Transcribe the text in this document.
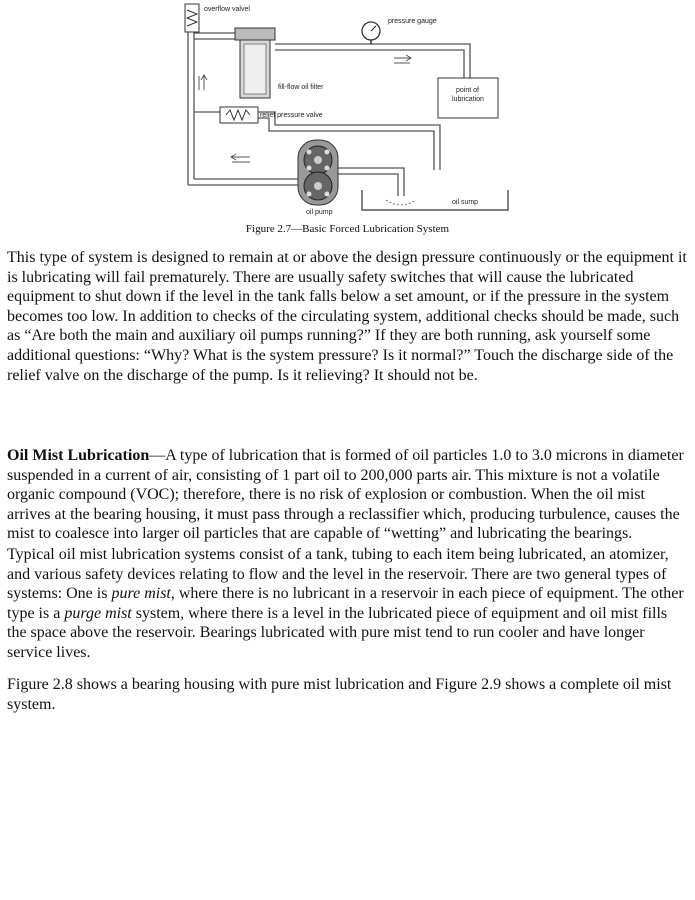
overflow valvel
fill-flow oil filter
pressure gauge
point of
lubrication
relief pressure valve
oil pump
oil sump
Figure 2.7—Basic Forced Lubrication System

This type of system is designed to remain at or above the design pressure continuously or the equipment it is lubricating will fail prematurely. There are usually safety switches that will cause the lubricated equipment to shut down if the level in the tank falls below a set amount, or if the pressure in the system becomes too low. In addition to checks of the circulating system, additional checks should be made, such as “Are both the main and auxiliary oil pumps running?” If they are both running, ask yourself some additional questions: “Why? What is the system pressure? Is it normal?” Touch the discharge side of the relief valve on the discharge of the pump. Is it relieving? It should not be.

Oil Mist Lubrication—A type of lubrication that is formed of oil particles 1.0 to 3.0 microns in diameter suspended in a current of air, consisting of 1 part oil to 200,000 parts air. This mixture is not a volatile organic compound (VOC); therefore, there is no risk of explosion or combustion. When the oil mist arrives at the bearing housing, it must pass through a reclassifier which, producing turbulence, causes the mist to coalesce into larger oil particles that are capable of “wetting” and lubricating the bearings.

Typical oil mist lubrication systems consist of a tank, tubing to each item being lubricated, an atomizer, and various safety devices relating to flow and the level in the reservoir. There are two general types of systems: One is pure mist, where there is no lubricant in a reservoir in each piece of equipment. The other type is a purge mist system, where there is a level in the lubricated piece of equipment and oil mist fills the space above the reservoir. Bearings lubricated with pure mist tend to run cooler and have longer service lives.

Figure 2.8 shows a bearing housing with pure mist lubrication and Figure 2.9 shows a complete oil mist system.
